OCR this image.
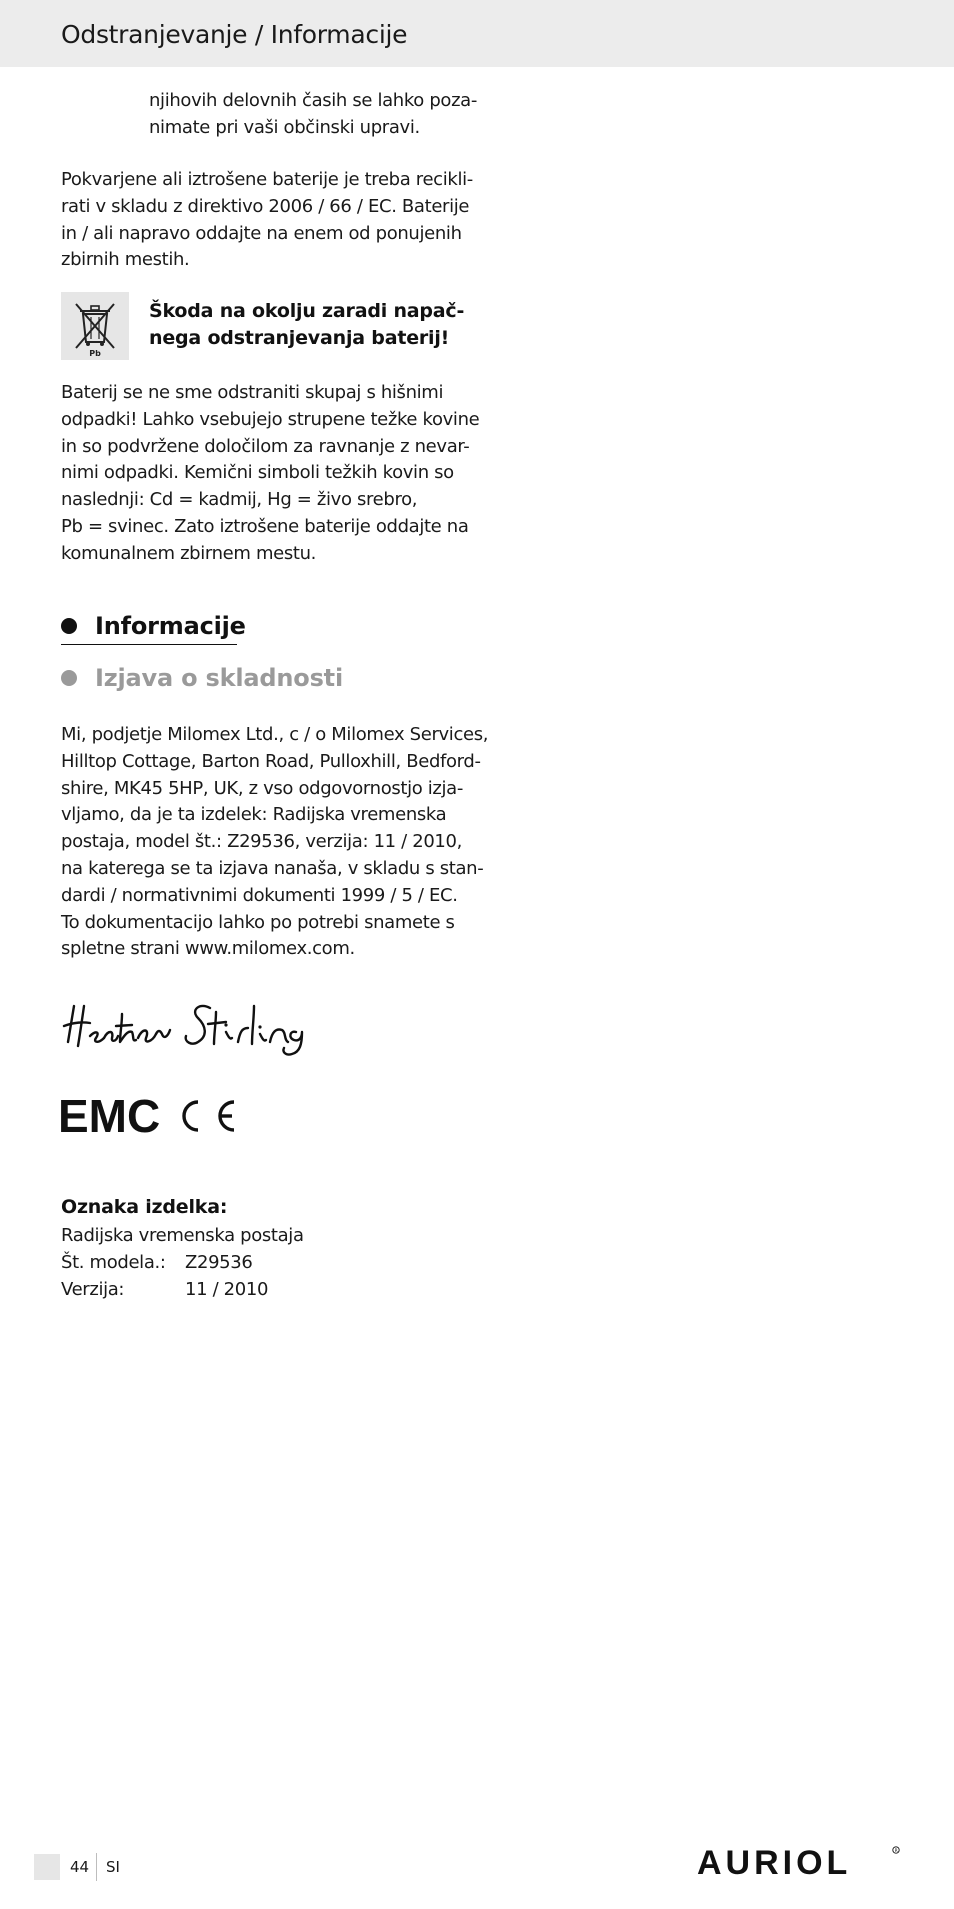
Odstranjevanje / Informacije
njihovih delovnih časih se lahko poza-
nimate pri vaši občinski upravi.
Pokvarjene ali iztrošene baterije je treba recikli-
rati v skladu z direktivo 2006 / 66 / EC. Baterije
in / ali napravo oddajte na enem od ponujenih
zbirnih mestih.
Pb
Škoda na okolju zaradi napač-
nega odstranjevanja baterij!
Baterij se ne sme odstraniti skupaj s hišnimi
odpadki! Lahko vsebujejo strupene težke kovine
in so podvržene določilom za ravnanje z nevar-
nimi odpadki. Kemični simboli težkih kovin so
naslednji: Cd = kadmij, Hg = živo srebro,
Pb = svinec. Zato iztrošene baterije oddajte na
komunalnem zbirnem mestu.
Informacije
Izjava o skladnosti
Mi, podjetje Milomex Ltd., c / o Milomex Services,
Hilltop Cottage, Barton Road, Pulloxhill, Bedford-
shire, MK45 5HP, UK, z vso odgovornostjo izja-
vljamo, da je ta izdelek: Radijska vremenska
postaja, model št.: Z29536, verzija: 11 / 2010,
na katerega se ta izjava nanaša, v skladu s stan-
dardi / normativnimi dokumenti 1999 / 5 / EC.
To dokumentacijo lahko po potrebi snamete s
spletne strani www.milomex.com.
EMC
Oznaka izdelka:
Radijska vremenska postaja
Št. modela.: Z29536
Verzija:	11 / 2010
44 SI	AURIOL	R
